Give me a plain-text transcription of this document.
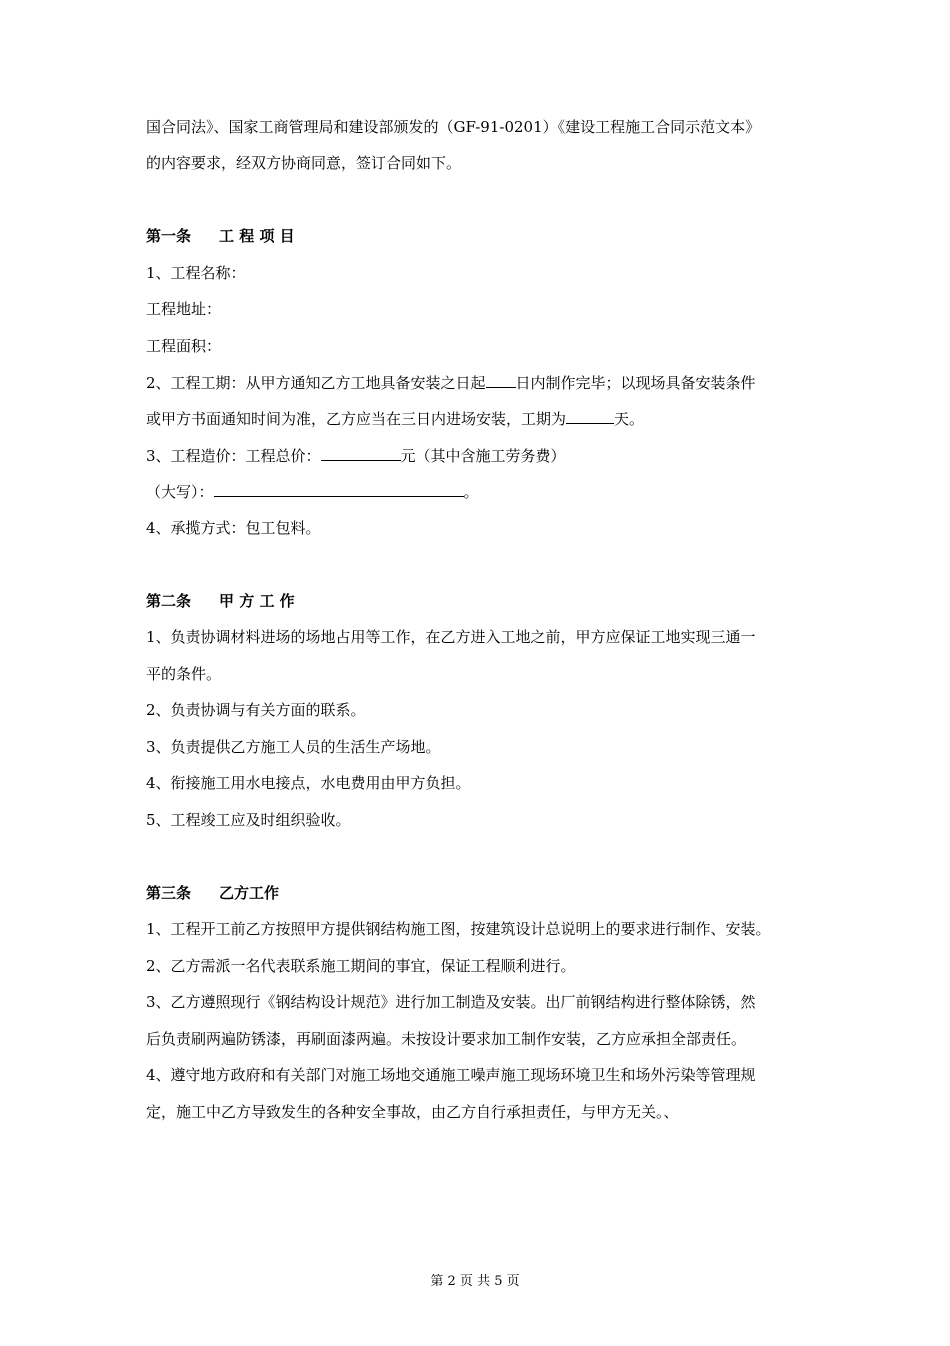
国合同法》、国家工商管理局和建设部颁发的（GF-91-0201）《建设工程施工合同示范文本》
的内容要求，经双方协商同意，签订合同如下。
第一条 工 程 项 目
1、工程名称：
工程地址：
工程面积：
2、工程工期：从甲方通知乙方工地具备安装之日起 日内制作完毕；以现场具备安装条件
或甲方书面通知时间为准，乙方应当在三日内进场安装，工期为	天。
3、工程造价：工程总价：	元（其中含施工劳务费）
（大写）：	。
4、承揽方式：包工包料。
第二条 甲 方 工 作
1、负责协调材料进场的场地占用等工作，在乙方进入工地之前，甲方应保证工地实现三通一
平的条件。
2、负责协调与有关方面的联系。
3、负责提供乙方施工人员的生活生产场地。
4、衔接施工用水电接点，水电费用由甲方负担。
5、工程竣工应及时组织验收。
第三条 乙方工作
1、工程开工前乙方按照甲方提供钢结构施工图，按建筑设计总说明上的要求进行制作、安装。
2、乙方需派一名代表联系施工期间的事宜，保证工程顺利进行。
3、乙方遵照现行《钢结构设计规范》进行加工制造及安装。出厂前钢结构进行整体除锈，然
后负责刷两遍防锈漆，再刷面漆两遍。未按设计要求加工制作安装，乙方应承担全部责任。
4、遵守地方政府和有关部门对施工场地交通施工噪声施工现场环境卫生和场外污染等管理规
定，施工中乙方导致发生的各种安全事故，由乙方自行承担责任，与甲方无关。、
第 2 页 共 5 页
